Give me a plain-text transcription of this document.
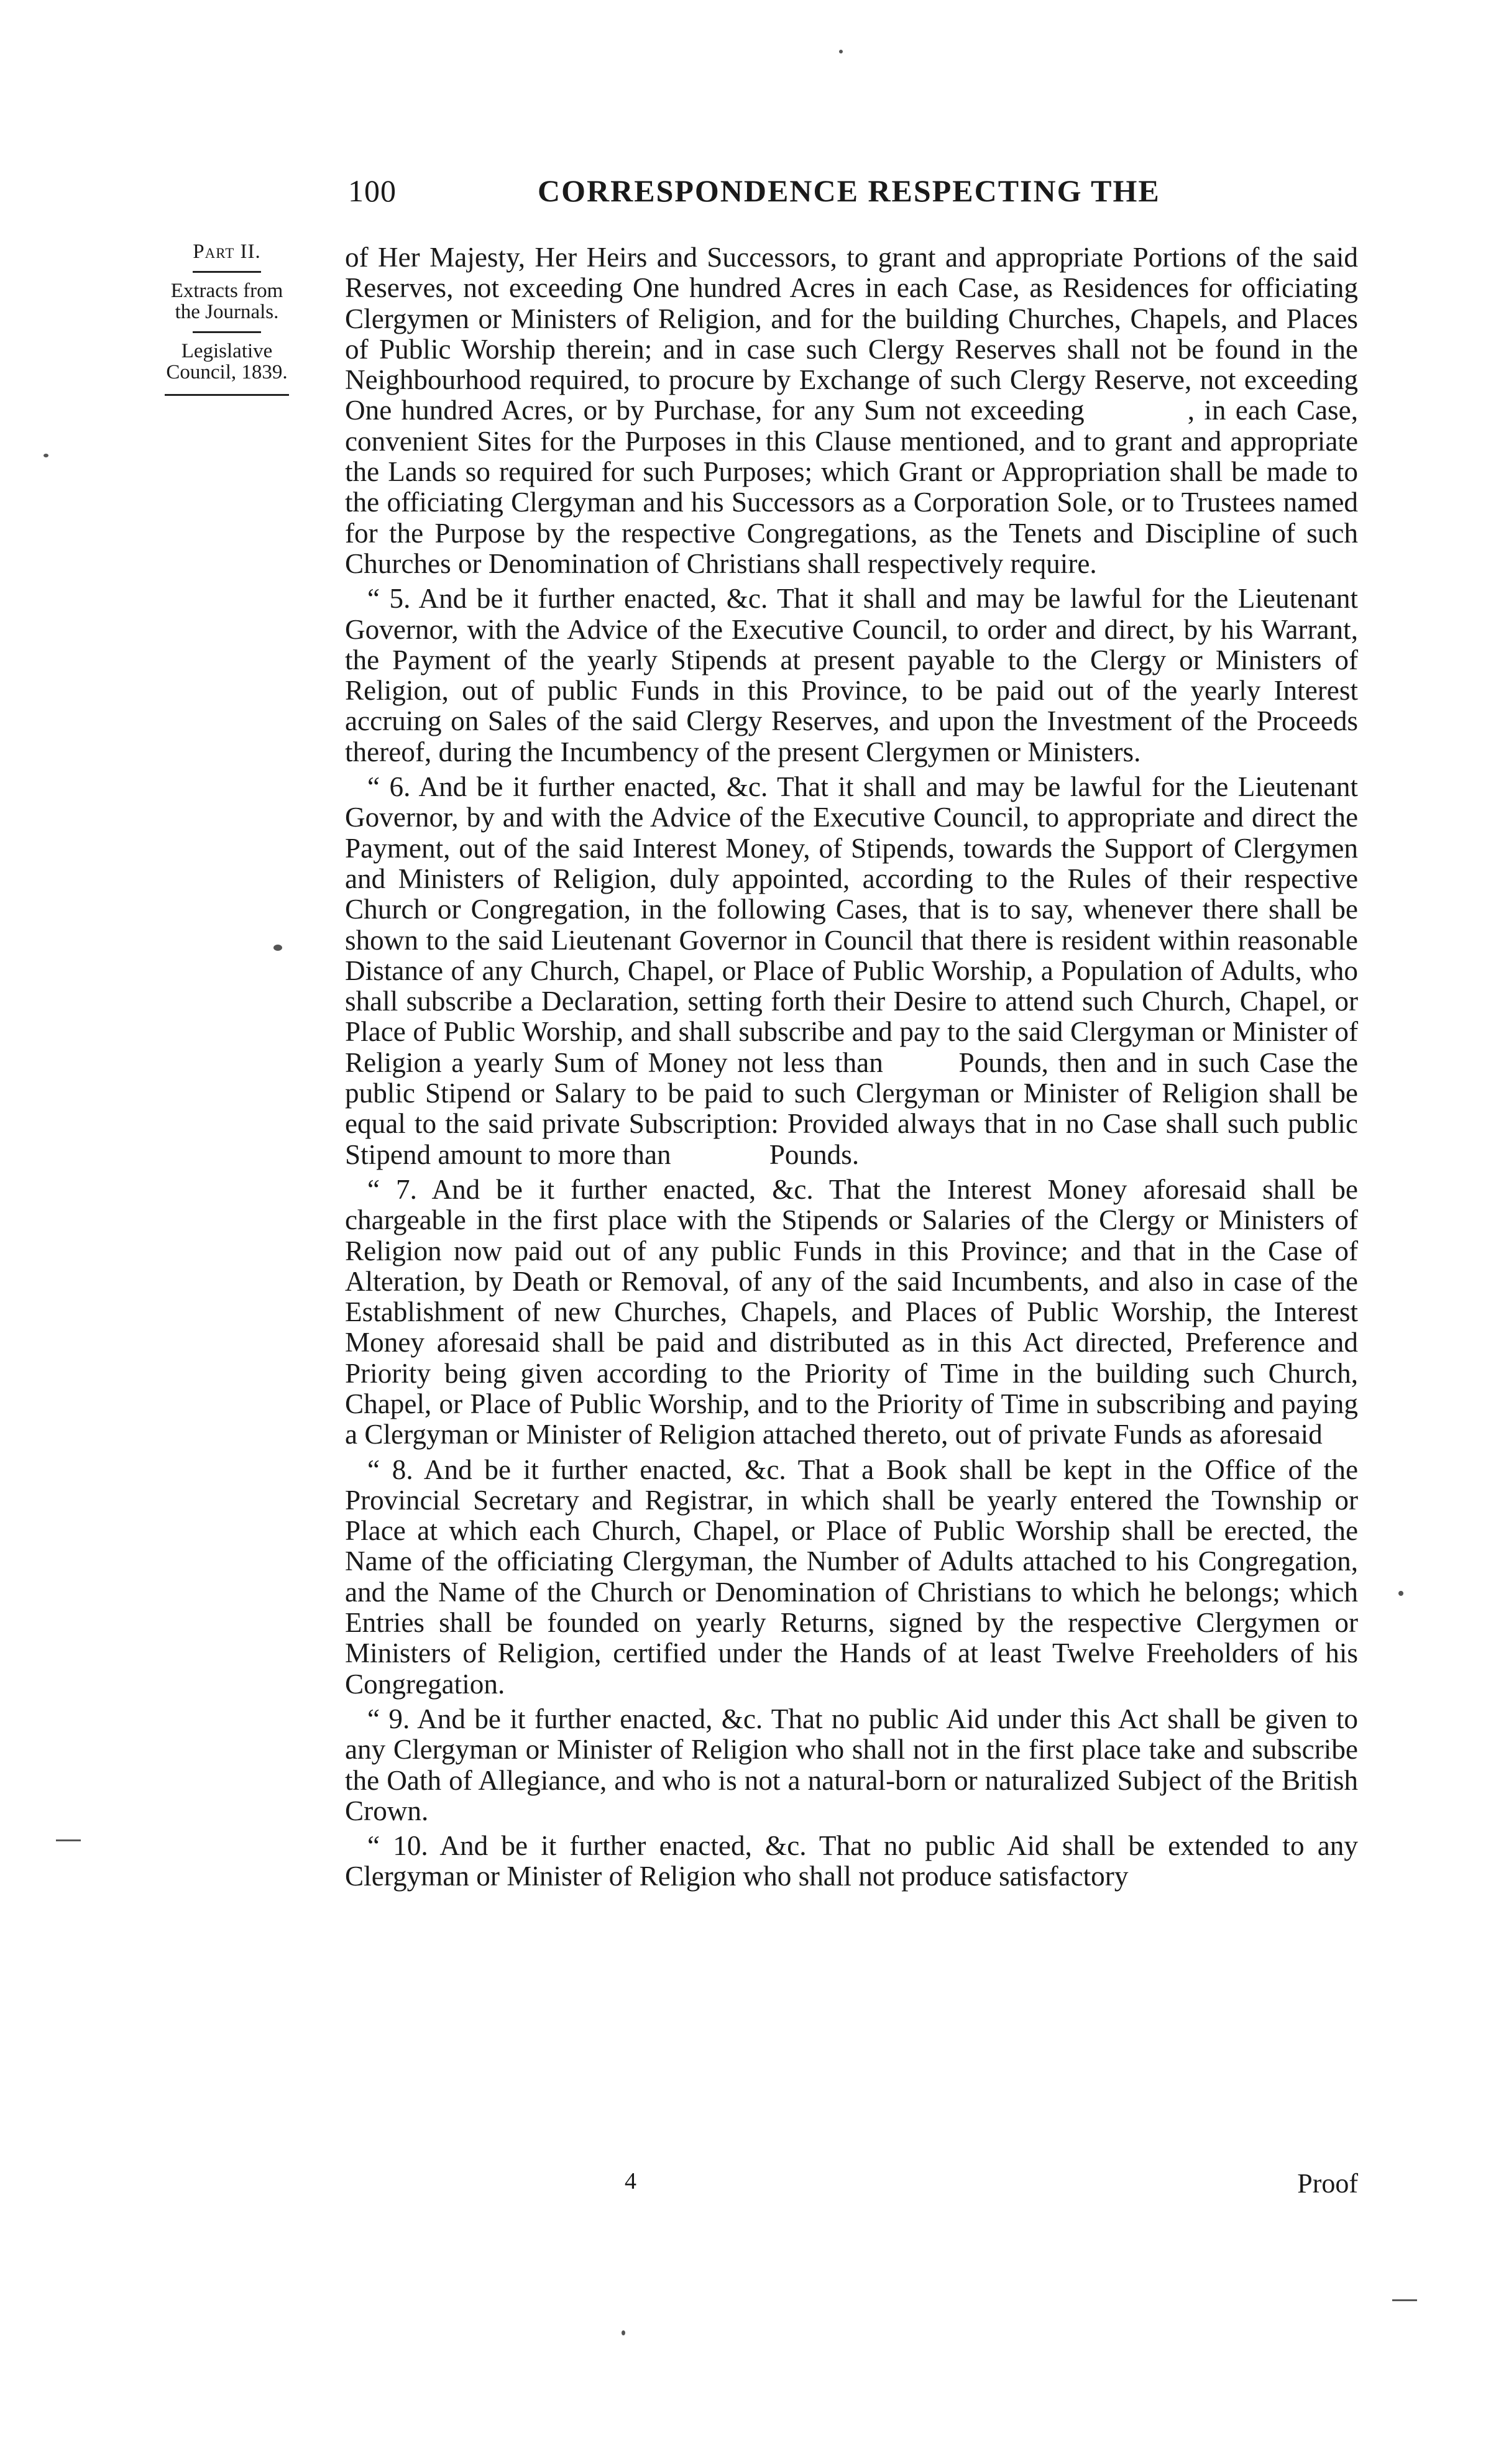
100	CORRESPONDENCE RESPECTING THE
Part II.
Extracts from the Journals.
Legislative Council, 1839.

of Her Majesty, Her Heirs and Successors, to grant and appropriate Portions of the said Reserves, not exceeding One hundred Acres in each Case, as Residences for officiating Clergymen or Ministers of Religion, and for the building Churches, Chapels, and Places of Public Worship therein; and in case such Clergy Reserves shall not be found in the Neighbourhood required, to procure by Exchange of such Clergy Reserve, not exceeding One hundred Acres, or by Purchase, for any Sum not exceeding     , in each Case, convenient Sites for the Purposes in this Clause mentioned, and to grant and appropriate the Lands so required for such Purposes; which Grant or Appropriation shall be made to the officiating Clergyman and his Successors as a Corporation Sole, or to Trustees named for the Purpose by the respective Congregations, as the Tenets and Discipline of such Churches or Denomination of Christians shall respectively require.

“ 5. And be it further enacted, &c. That it shall and may be lawful for the Lieutenant Governor, with the Advice of the Executive Council, to order and direct, by his Warrant, the Payment of the yearly Stipends at present payable to the Clergy or Ministers of Religion, out of public Funds in this Province, to be paid out of the yearly Interest accruing on Sales of the said Clergy Reserves, and upon the Investment of the Proceeds thereof, during the Incumbency of the present Clergymen or Ministers.

“ 6. And be it further enacted, &c. That it shall and may be lawful for the Lieutenant Governor, by and with the Advice of the Executive Council, to appropriate and direct the Payment, out of the said Interest Money, of Stipends, towards the Support of Clergymen and Ministers of Religion, duly appointed, according to the Rules of their respective Church or Congregation, in the following Cases, that is to say, whenever there shall be shown to the said Lieutenant Governor in Council that there is resident within reasonable Distance of any Church, Chapel, or Place of Public Worship, a Population of Adults, who shall subscribe a Declaration, setting forth their Desire to attend such Church, Chapel, or Place of Public Worship, and shall subscribe and pay to the said Clergyman or Minister of Religion a yearly Sum of Money not less than    Pounds, then and in such Case the public Stipend or Salary to be paid to such Clergyman or Minister of Religion shall be equal to the said private Subscription: Provided always that in no Case shall such public Stipend amount to more than     Pounds.

“ 7. And be it further enacted, &c. That the Interest Money aforesaid shall be chargeable in the first place with the Stipends or Salaries of the Clergy or Ministers of Religion now paid out of any public Funds in this Province; and that in the Case of Alteration, by Death or Removal, of any of the said Incumbents, and also in case of the Establishment of new Churches, Chapels, and Places of Public Worship, the Interest Money aforesaid shall be paid and distributed as in this Act directed, Preference and Priority being given according to the Priority of Time in the building such Church, Chapel, or Place of Public Worship, and to the Priority of Time in subscribing and paying a Clergyman or Minister of Religion attached thereto, out of private Funds as aforesaid

“ 8. And be it further enacted, &c. That a Book shall be kept in the Office of the Provincial Secretary and Registrar, in which shall be yearly entered the Township or Place at which each Church, Chapel, or Place of Public Worship shall be erected, the Name of the officiating Clergyman, the Number of Adults attached to his Congregation, and the Name of the Church or Denomination of Christians to which he belongs; which Entries shall be founded on yearly Returns, signed by the respective Clergymen or Ministers of Religion, certified under the Hands of at least Twelve Freeholders of his Congregation.

“ 9. And be it further enacted, &c. That no public Aid under this Act shall be given to any Clergyman or Minister of Religion who shall not in the first place take and subscribe the Oath of Allegiance, and who is not a natural-born or naturalized Subject of the British Crown.

“ 10. And be it further enacted, &c. That no public Aid shall be extended to any Clergyman or Minister of Religion who shall not produce satisfactory

4	Proof
